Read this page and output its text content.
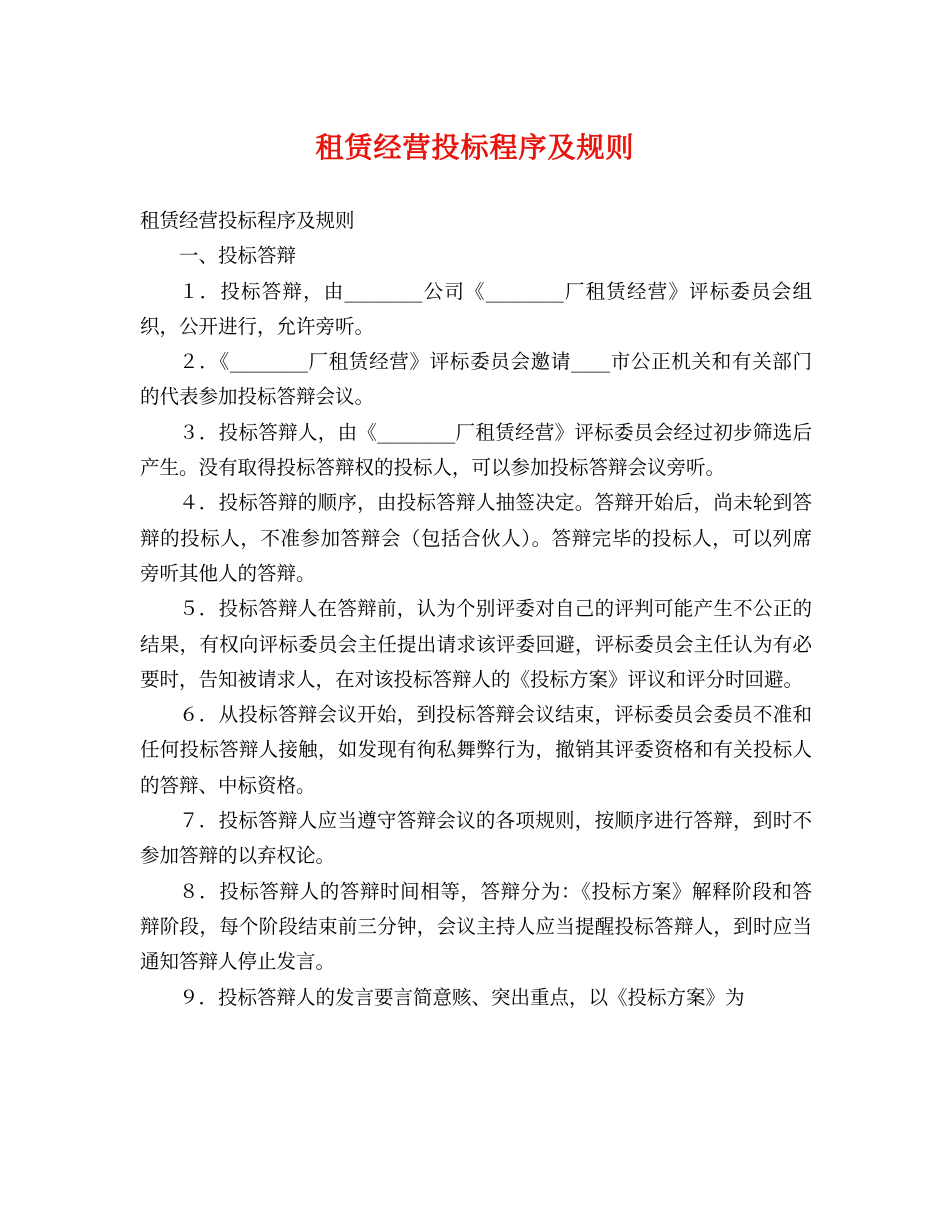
租赁经营投标程序及规则

租赁经营投标程序及规则

一、投标答辩

１．投标答辩，由________公司《________厂租赁经营》评标委员会组织，公开进行，允许旁听。

２．《________厂租赁经营》评标委员会邀请____市公正机关和有关部门的代表参加投标答辩会议。

３．投标答辩人，由《________厂租赁经营》评标委员会经过初步筛选后产生。没有取得投标答辩权的投标人，可以参加投标答辩会议旁听。

４．投标答辩的顺序，由投标答辩人抽签决定。答辩开始后，尚未轮到答辩的投标人，不准参加答辩会（包括合伙人）。答辩完毕的投标人，可以列席旁听其他人的答辩。

５．投标答辩人在答辩前，认为个别评委对自己的评判可能产生不公正的结果，有权向评标委员会主任提出请求该评委回避，评标委员会主任认为有必要时，告知被请求人，在对该投标答辩人的《投标方案》评议和评分时回避。

６．从投标答辩会议开始，到投标答辩会议结束，评标委员会委员不准和任何投标答辩人接触，如发现有徇私舞弊行为，撤销其评委资格和有关投标人的答辩、中标资格。

７．投标答辩人应当遵守答辩会议的各项规则，按顺序进行答辩，到时不参加答辩的以弃权论。

８．投标答辩人的答辩时间相等，答辩分为：《投标方案》解释阶段和答辩阶段，每个阶段结束前三分钟，会议主持人应当提醒投标答辩人，到时应当通知答辩人停止发言。

９．投标答辩人的发言要言简意赅、突出重点，以《投标方案》为
